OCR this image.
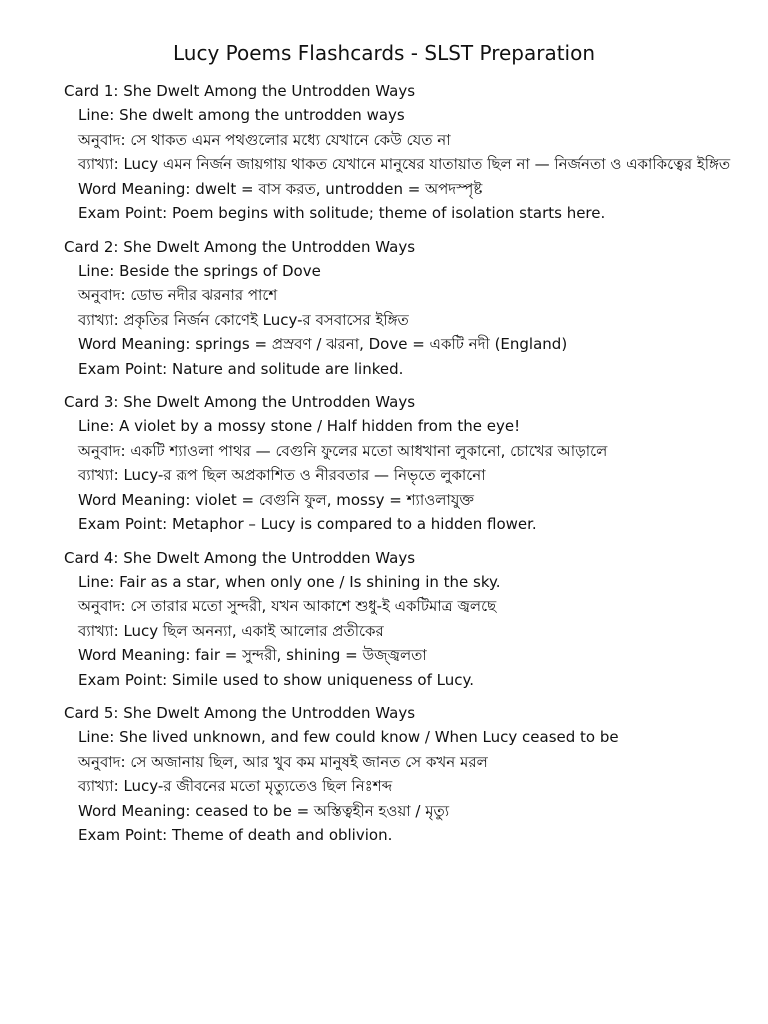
Lucy Poems Flashcards - SLST Preparation
Card 1: She Dwelt Among the Untrodden Ways
Line : She dwelt among the untrodden ways
অনুবাদ : সে থাকত এমন পথগুলোর মধ্যে যেখানে কেউ যেত না
ব্যাখ্যা : Lucy এমন নির্জন জায়গায় থাকত যেখানে মানুষের যাতায়াত ছিল না — নির্জনতা ও একাকিত্বের ইঙ্গিত
Word Meaning : dwelt = বাস করত, untrodden = অপদস্পৃষ্ট
Exam Point : Poem begins with solitude; theme of isolation starts here.
Card 2: She Dwelt Among the Untrodden Ways
Line : Beside the springs of Dove
অনুবাদ : ডোভ নদীর ঝরনার পাশে
ব্যাখ্যা : প্রকৃতির নির্জন কোণেই Lucy-র বসবাসের ইঙ্গিত
Word Meaning : springs = প্রস্রবণ / ঝরনা, Dove = একটি নদী (England)
Exam Point : Nature and solitude are linked.
Card 3: She Dwelt Among the Untrodden Ways
Line : A violet by a mossy stone / Half hidden from the eye!
অনুবাদ : একটি শ্যাওলা পাথর — বেগুনি ফুলের মতো আধখানা লুকানো, চোখের আড়ালে
ব্যাখ্যা : Lucy-র রূপ ছিল অপ্রকাশিত ও নীরবতার — নিভৃতে লুকানো
Word Meaning : violet = বেগুনি ফুল, mossy = শ্যাওলাযুক্ত
Exam Point : Metaphor – Lucy is compared to a hidden flower.
Card 4: She Dwelt Among the Untrodden Ways
Line : Fair as a star, when only one / Is shining in the sky.
অনুবাদ : সে তারার মতো সুন্দরী, যখন আকাশে শুধু-ই একটিমাত্র জ্বলছে
ব্যাখ্যা : Lucy ছিল অনন্যা, একাই আলোর প্রতীকের
Word Meaning : fair = সুন্দরী, shining = উজ্জ্বলতা
Exam Point : Simile used to show uniqueness of Lucy.
Card 5: She Dwelt Among the Untrodden Ways
Line : She lived unknown, and few could know / When Lucy ceased to be
অনুবাদ : সে অজানায় ছিল, আর খুব কম মানুষই জানত সে কখন মরল
ব্যাখ্যা : Lucy-র জীবনের মতো মৃত্যুতেও ছিল নিঃশব্দ
Word Meaning : ceased to be = অস্তিত্বহীন হওয়া / মৃত্যু
Exam Point : Theme of death and oblivion.
